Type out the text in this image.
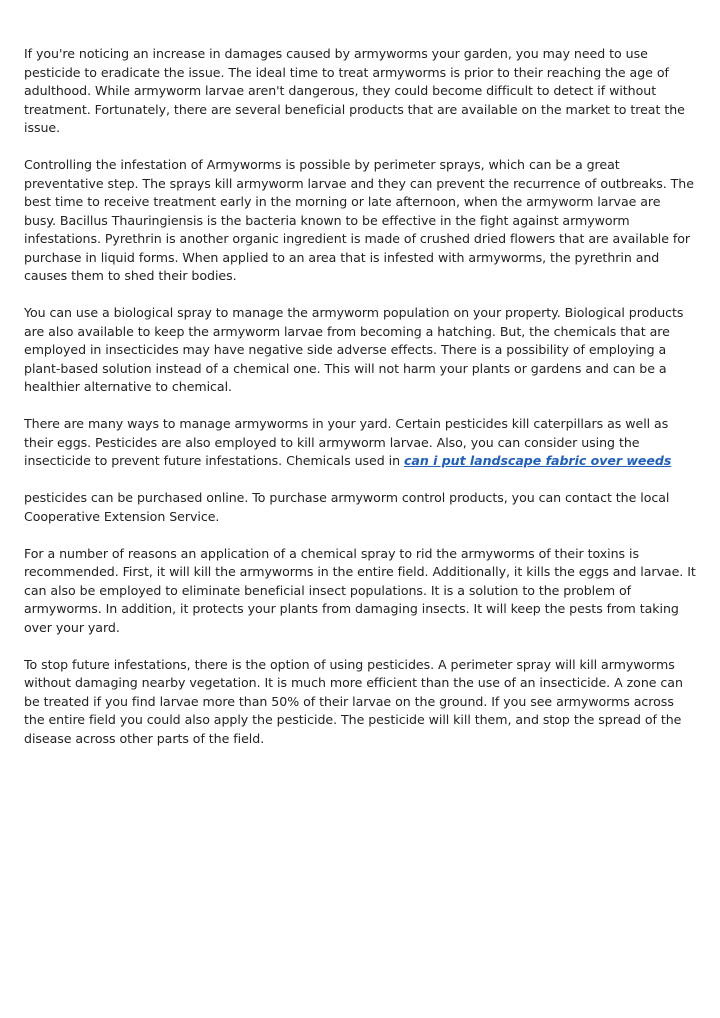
If you're noticing an increase in damages caused by armyworms your garden, you may need to use pesticide to eradicate the issue. The ideal time to treat armyworms is prior to their reaching the age of adulthood. While armyworm larvae aren't dangerous, they could become difficult to detect if without treatment. Fortunately, there are several beneficial products that are available on the market to treat the issue.

Controlling the infestation of Armyworms is possible by perimeter sprays, which can be a great preventative step. The sprays kill armyworm larvae and they can prevent the recurrence of outbreaks. The best time to receive treatment early in the morning or late afternoon, when the armyworm larvae are busy. Bacillus Thauringiensis is the bacteria known to be effective in the fight against armyworm infestations. Pyrethrin is another organic ingredient is made of crushed dried flowers that are available for purchase in liquid forms. When applied to an area that is infested with armyworms, the pyrethrin and causes them to shed their bodies.

You can use a biological spray to manage the armyworm population on your property. Biological products are also available to keep the armyworm larvae from becoming a hatching. But, the chemicals that are employed in insecticides may have negative side adverse effects. There is a possibility of employing a plant-based solution instead of a chemical one. This will not harm your plants or gardens and can be a healthier alternative to chemical.

There are many ways to manage armyworms in your yard. Certain pesticides kill caterpillars as well as their eggs. Pesticides are also employed to kill armyworm larvae. Also, you can consider using the insecticide to prevent future infestations. Chemicals used in can i put landscape fabric over weeds

pesticides can be purchased online. To purchase armyworm control products, you can contact the local Cooperative Extension Service.

For a number of reasons an application of a chemical spray to rid the armyworms of their toxins is recommended. First, it will kill the armyworms in the entire field. Additionally, it kills the eggs and larvae. It can also be employed to eliminate beneficial insect populations. It is a solution to the problem of armyworms. In addition, it protects your plants from damaging insects. It will keep the pests from taking over your yard.

To stop future infestations, there is the option of using pesticides. A perimeter spray will kill armyworms without damaging nearby vegetation. It is much more efficient than the use of an insecticide. A zone can be treated if you find larvae more than 50% of their larvae on the ground. If you see armyworms across the entire field you could also apply the pesticide. The pesticide will kill them, and stop the spread of the disease across other parts of the field.
